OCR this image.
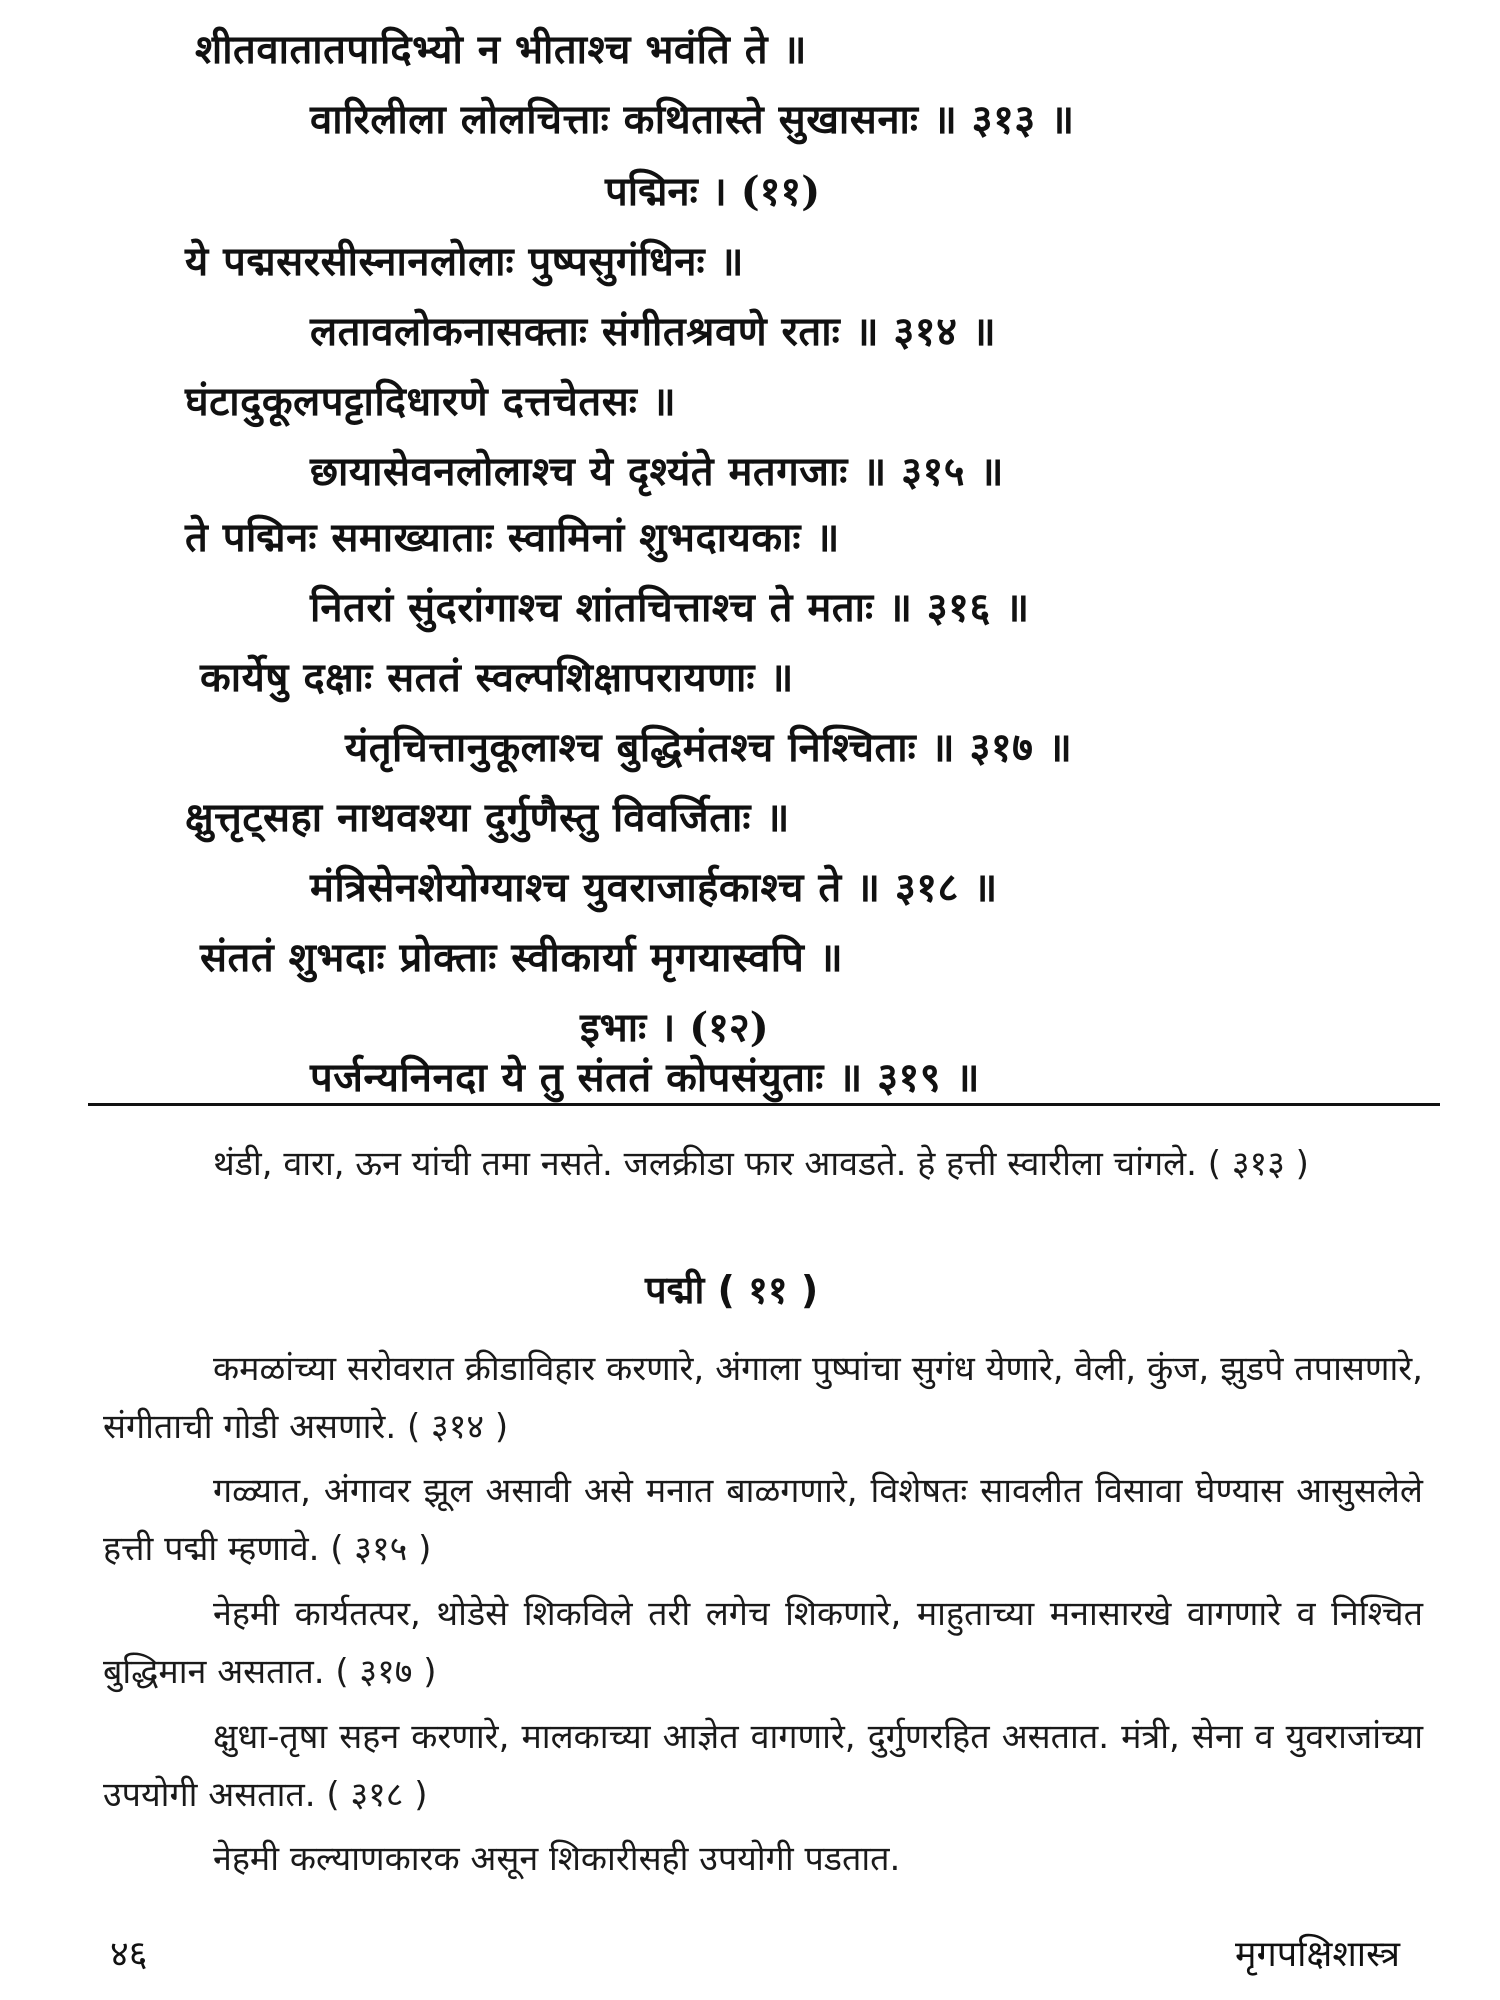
शीतवातातपादिभ्यो न भीताश्च भवंति ते ॥
वारिलीला लोलचित्ताः कथितास्ते सुखासनाः ॥ ३१३ ॥
पद्मिनः । (११)
ये पद्मसरसीस्नानलोलाः पुष्पसुगंधिनः ॥
लतावलोकनासक्ताः संगीतश्रवणे रताः ॥ ३१४ ॥
घंटादुकूलपट्टादिधारणे दत्तचेतसः ॥
छायासेवनलोलाश्च ये दृश्यंते मतगजाः ॥ ३१५ ॥
ते पद्मिनः समाख्याताः स्वामिनां शुभदायकाः ॥
नितरां सुंदरांगाश्च शांतचित्ताश्च ते मताः ॥ ३१६ ॥
कार्येषु दक्षाः सततं स्वल्पशिक्षापरायणाः ॥
यंतृचित्तानुकूलाश्च बुद्धिमंतश्च निश्चिताः ॥ ३१७ ॥
क्षुत्तृट्सहा नाथवश्या दुर्गुणैस्तु विवर्जिताः ॥
मंत्रिसेनशेयोग्याश्च युवराजार्हकाश्च ते ॥ ३१८ ॥
संततं शुभदाः प्रोक्ताः स्वीकार्या मृगयास्वपि ॥
इभाः । (१२)
पर्जन्यनिनदा ये तु संततं कोपसंयुताः ॥ ३१९ ॥
थंडी, वारा, ऊन यांची तमा नसते. जलक्रीडा फार आवडते. हे हत्ती स्वारीला चांगले. ( ३१३ )
पद्मी ( ११ )
कमळांच्या सरोवरात क्रीडाविहार करणारे, अंगाला पुष्पांचा सुगंध येणारे, वेली, कुंज, झुडपे तपासणारे, संगीताची गोडी असणारे. ( ३१४ )
गळ्यात, अंगावर झूल असावी असे मनात बाळगणारे, विशेषतः सावलीत विसावा घेण्यास आसुसलेले हत्ती पद्मी म्हणावे. ( ३१५ )
नेहमी कार्यतत्पर, थोडेसे शिकविले तरी लगेच शिकणारे, माहुताच्या मनासारखे वागणारे व निश्चित बुद्धिमान असतात. ( ३१७ )
क्षुधा-तृषा सहन करणारे, मालकाच्या आज्ञेत वागणारे, दुर्गुणरहित असतात. मंत्री, सेना व युवराजांच्या उपयोगी असतात. ( ३१८ )
नेहमी कल्याणकारक असून शिकारीसही उपयोगी पडतात.
४६	मृगपक्षिशास्त्र
